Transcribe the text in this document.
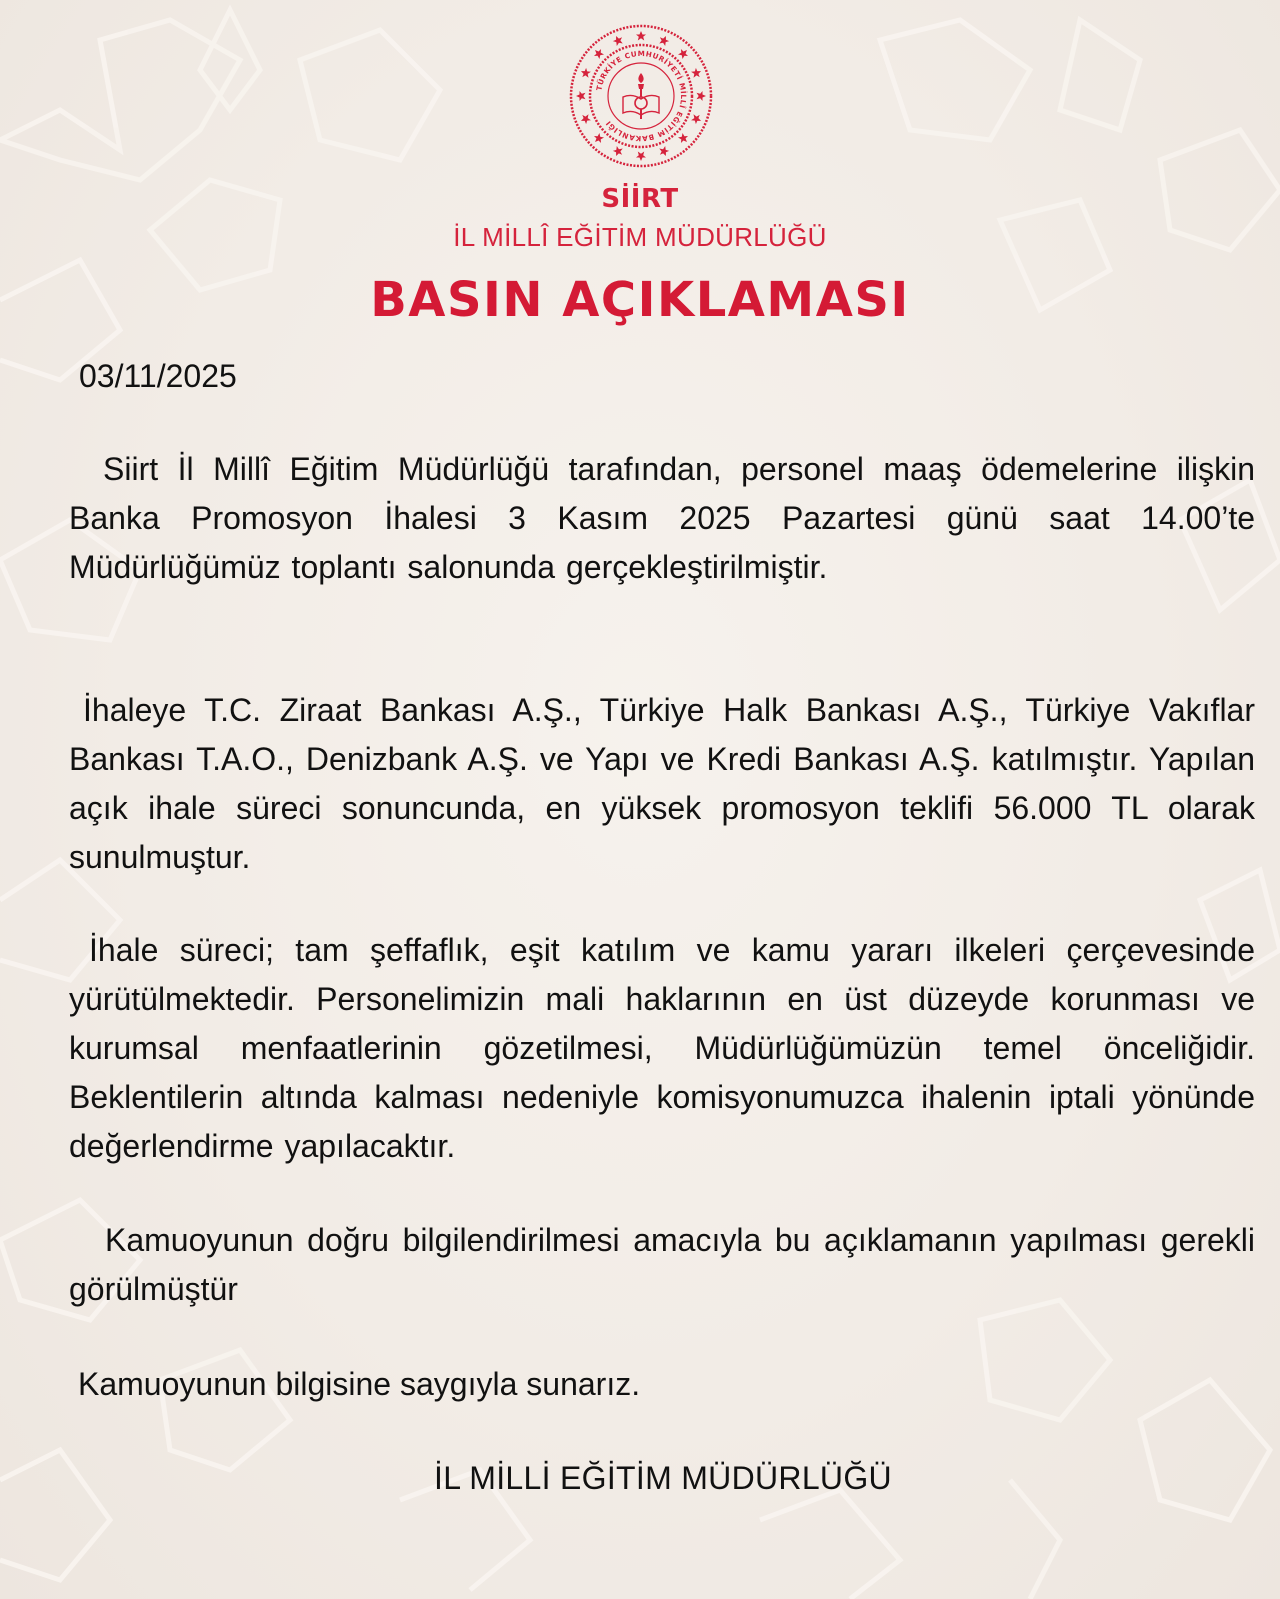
TÜRKİYE CUMHURİYETİ MİLLÎ EĞİTİM BAKANLIĞI
SİİRT
İL MİLLÎ EĞİTİM MÜDÜRLÜĞÜ
BASIN AÇIKLAMASI
03/11/2025

Siirt İl Millî Eğitim Müdürlüğü tarafından, personel maaş ödemelerine ilişkin Banka Promosyon İhalesi 3 Kasım 2025 Pazartesi günü saat 14.00’te Müdürlüğümüz toplantı salonunda gerçekleştirilmiştir.

İhaleye T.C. Ziraat Bankası A.Ş., Türkiye Halk Bankası A.Ş., Türkiye Vakıflar Bankası T.A.O., Denizbank A.Ş. ve Yapı ve Kredi Bankası A.Ş. katılmıştır. Yapılan açık ihale süreci sonuncunda, en yüksek promosyon teklifi 56.000 TL olarak sunulmuştur.

İhale süreci; tam şeffaflık, eşit katılım ve kamu yararı ilkeleri çerçevesinde yürütülmektedir. Personelimizin mali haklarının en üst düzeyde korunması ve kurumsal menfaatlerinin gözetilmesi, Müdürlüğümüzün temel önceliğidir. Beklentilerin altında kalması nedeniyle komisyonumuzca ihalenin iptali yönünde değerlendirme yapılacaktır.

Kamuoyunun doğru bilgilendirilmesi amacıyla bu açıklamanın yapılması gerekli görülmüştür

Kamuoyunun bilgisine saygıyla sunarız.
İL MİLLİ EĞİTİM MÜDÜRLÜĞÜ
